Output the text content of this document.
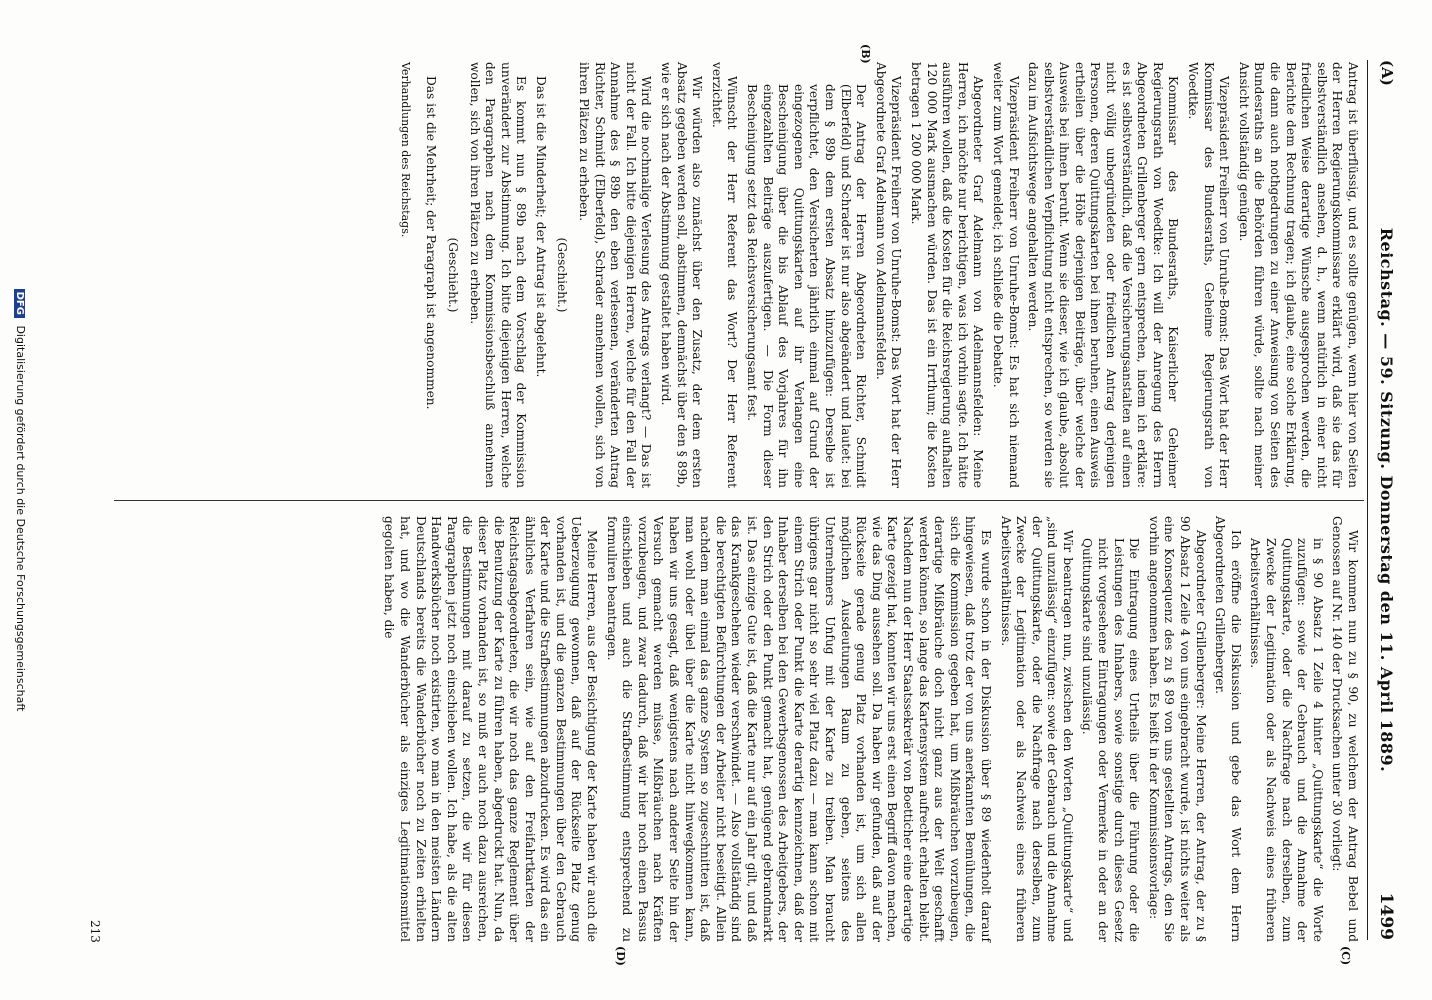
(A)
Reichstag. — 59. Sitzung. Donnerstag den 11. April 1889.
1499
(B)
(C)
(D)

Antrag ist überflüssig, und es sollte genügen, wenn hier von Seiten der Herren Regierungskommissare erklärt wird, daß sie das für selbstverständlich ansehen, d. h., wenn natürlich in einer nicht friedlichen Weise derartige Wünsche ausgesprochen werden, die Berichte dem Rechnung tragen; ich glaube, eine solche Erklärung, die dann auch nothgedrungen zu einer Anweisung von Seiten des Bundesraths an die Behörden führen würde, sollte nach meiner Ansicht vollständig genügen.

Vizepräsident Freiherr von Unruhe-Bomst: Das Wort hat der Herr Kommissar des Bundesraths, Geheime Regierungsrath von Woedtke.

Kommissar des Bundesraths, Kaiserlicher Geheimer Regierungsrath von Woedtke: Ich will der Anregung des Herrn Abgeordneten Grillenberger gern entsprechen, indem ich erkläre: es ist selbstverständlich, daß die Versicherungsanstalten auf einen nicht völlig unbegründeten oder friedlichen Antrag derjenigen Personen, deren Quittungskarten bei ihnen beruhen, einen Ausweis ertheilen über die Höhe derjenigen Beiträge, über welche der Ausweis bei ihnen beruht. Wenn sie dieser, wie ich glaube, absolut selbstverständlichen Verpflichtung nicht entsprechen, so werden sie dazu im Aufsichtswege angehalten werden.

Vizepräsident Freiherr von Unruhe-Bomst: Es hat sich niemand weiter zum Wort gemeldet; ich schließe die Debatte.

Abgeordneter Graf Adelmann von Adelmannsfelden: Meine Herren, ich möchte nur berichtigen, was ich vorhin sagte. Ich hätte ausführen wollen, daß die Kosten für die Reichsregierung aufhalten 120 000 Mark ausmachen würden. Das ist ein Irrthum; die Kosten betragen 1 200 000 Mark.

Vizepräsident Freiherr von Unruhe-Bomst: Das Wort hat der Herr Abgeordnete Graf Adelmann von Adelmannsfelden.

Der Antrag der Herren Abgeordneten Richter, Schmidt (Elberfeld) und Schrader ist nur also abgeändert und lautet: bei dem § 89b dem ersten Absatz hinzuzufügen: Derselbe ist verpflichtet, den Versicherten jährlich einmal auf Grund der eingezogenen Quittungskarten auf ihr Verlangen eine Bescheinigung über die bis Ablauf des Vorjahres für ihn eingezahlten Beiträge auszufertigen. — Die Form dieser Bescheinigung setzt das Reichsversicherungsamt fest.

Wünscht der Herr Referent das Wort? Der Herr Referent verzichtet.

Wir würden also zunächst über den Zusatz, der dem ersten Absatz gegeben werden soll, abstimmen, demnächst über den § 89b, wie er sich nach der Abstimmung gestaltet haben wird.

Wird die nochmalige Verlesung des Antrags verlangt? — Das ist nicht der Fall. Ich bitte diejenigen Herren, welche für den Fall der Annahme des § 89b den eben verlesenen, veränderten Antrag Richter, Schmidt (Elberfeld), Schrader annehmen wollen, sich von ihren Plätzen zu erheben.

(Geschieht.)

Das ist die Minderheit; der Antrag ist abgelehnt.

Es kommt nun § 89b nach dem Vorschlag der Kommission unverändert zur Abstimmung. Ich bitte diejenigen Herren, welche den Paragraphen nach dem Kommissionsbeschluß annehmen wollen, sich von ihren Plätzen zu erheben.

(Geschieht.)

Das ist die Mehrheit; der Paragraph ist angenommen.

Verhandlungen des Reichstags.

Wir kommen nun zu § 90, zu welchem der Antrag Bebel und Genossen auf Nr. 140 der Drucksachen unter 30 vorliegt:

in § 90 Absatz 1 Zeile 4 hinter „Quittungskarte“ die Worte zuzufügen: sowie der Gebrauch und die Annahme der Quittungskarte, oder die Nachfrage nach derselben, zum Zwecke der Legitimation oder als Nachweis eines früheren Arbeitsverhältnisses.

Ich eröffne die Diskussion und gebe das Wort dem Herrn Abgeordneten Grillenberger.

Abgeordneter Grillenberger: Meine Herren, der Antrag, der zu § 90 Absatz 1 Zeile 4 von uns eingebracht wurde, ist nichts weiter als eine Konsequenz des zu § 89 von uns gestellten Antrags, den Sie vorhin angenommen haben. Es heißt in der Kommissionsvorlage:

Die Eintragung eines Urtheils über die Führung oder die Leistungen des Inhabers, sowie sonstige durch dieses Gesetz nicht vorgesehene Eintragungen oder Vermerke in oder an der Quittungskarte sind unzulässig.

Wir beantragen nun, zwischen den Worten „Quittungskarte“ und „sind unzulässig“ einzufügen: sowie der Gebrauch und die Annahme der Quittungskarte, oder die Nachfrage nach derselben, zum Zwecke der Legitimation oder als Nachweis eines früheren Arbeitsverhältnisses.

Es wurde schon in der Diskussion über § 89 wiederholt darauf hingewiesen, daß trotz der von uns anerkannten Bemühungen, die sich die Kommission gegeben hat, um Mißbräuchen vorzubeugen, derartige Mißbräuche doch nicht ganz aus der Welt geschafft werden können, so lange das Kartensystem aufrecht erhalten bleibt. Nachdem nun der Herr Staatssekretär von Boetticher eine derartige Karte gezeigt hat, konnten wir uns erst einen Begriff davon machen, wie das Ding aussehen soll. Da haben wir gefunden, daß auf der Rückseite gerade genug Platz vorhanden ist, um sich allen möglichen Ausdeutungen Raum zu geben, seitens des Unternehmers Unfug mit der Karte zu treiben. Man braucht übrigens gar nicht so sehr viel Platz dazu — man kann schon mit einem Strich oder Punkt die Karte derartig kennzeichnen, daß der Inhaber derselben bei den Gewerbsgenossen des Arbeitgebers, der den Strich oder den Punkt gemacht hat, genügend gebrandmarkt ist. Das einzige Gute ist, daß die Karte nur auf ein Jahr gilt, und daß das Krankgeschehen wieder verschwindet. — Also vollständig sind die berechtigten Befürchtungen der Arbeiter nicht beseitigt. Allein nachdem man einmal das ganze System so zugeschnitten ist, daß man wohl oder übel über die Karte nicht hinwegkommen kann, haben wir uns gesagt, daß wenigstens nach anderer Seite hin der Versuch gemacht werden müsse, Mißbräuchen nach Kräften vorzubeugen, und zwar dadurch, daß wir hier noch einen Passus einschieben und auch die Strafbestimmung entsprechend zu formuliren beantragen.

Meine Herren, aus der Besichtigung der Karte haben wir auch die Ueberzeugung gewonnen, daß auf der Rückseite Platz genug vorhanden ist, und die ganzen Bestimmungen über den Gebrauch der Karte und die Strafbestimmungen abzudrucken. Es wird das ein ähnliches Verfahren sein, wie auf den Freifahrtkarten der Reichstagsabgeordneten, die wir noch das ganze Reglement über die Benutzung der Karte zu führen haben, abgedruckt hat. Nun, da dieser Platz vorhanden ist, so muß er auch noch dazu ausreichen, die Bestimmungen mit darauf zu setzen, die wir für diesen Paragraphen jetzt noch einschieben wollen. Ich habe, als die alten Handwerksbücher noch existirten, wo man in den meisten Ländern Deutschlands bereits die Wanderbücher noch zu Zeiten erhielten hat, und wo die Wanderbücher als einziges Legitimationsmittel gegolten haben, die

213
DFG Digitalisierung gefördert durch die Deutsche Forschungsgemeinschaft
